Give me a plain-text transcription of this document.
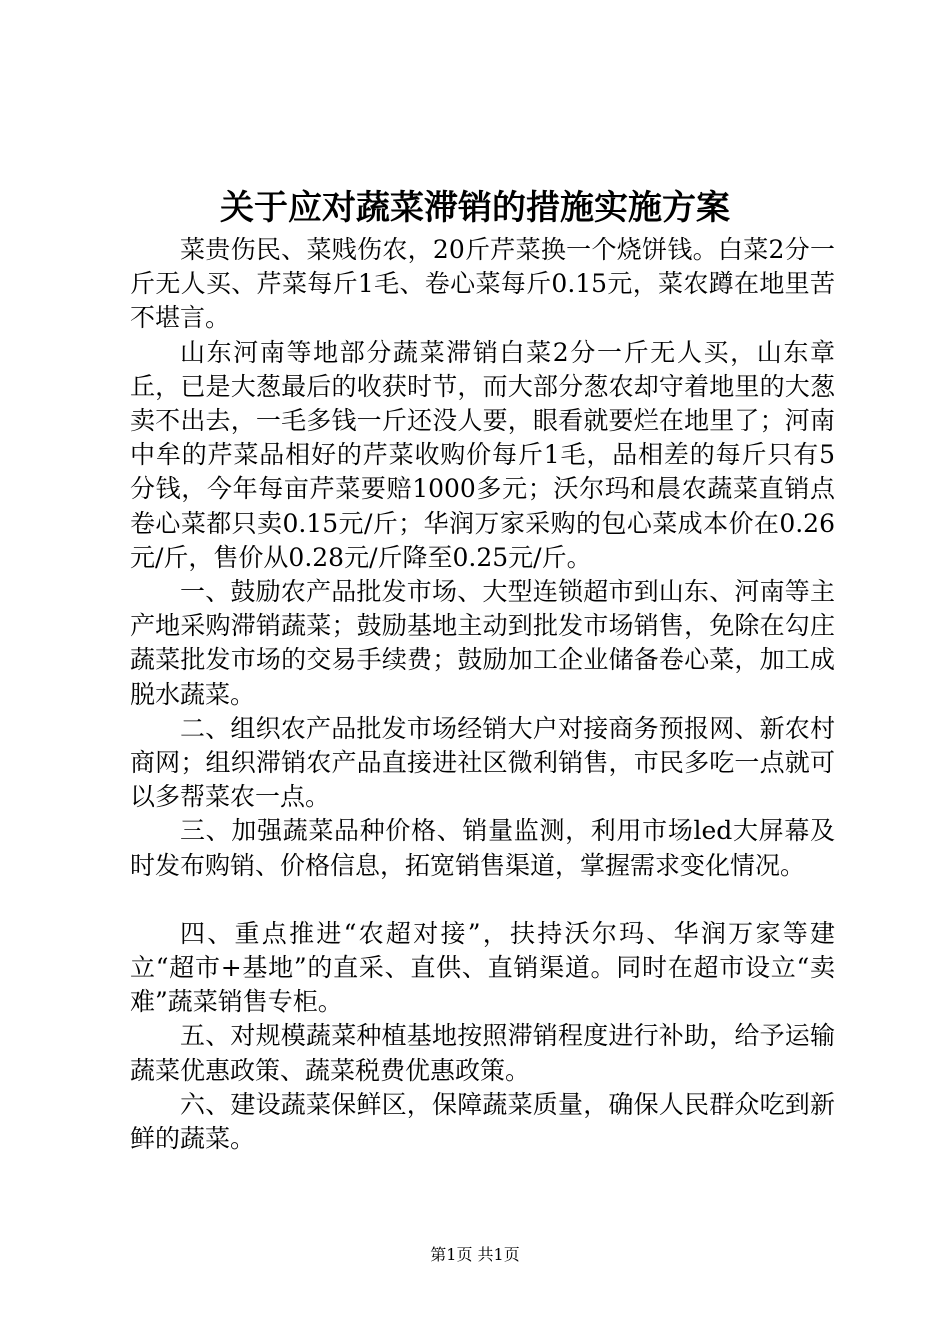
关于应对蔬菜滞销的措施实施方案

菜贵伤民、菜贱伤农，20斤芹菜换一个烧饼钱。白菜2分一斤无人买、芹菜每斤1毛、卷心菜每斤0.15元，菜农蹲在地里苦不堪言。

山东河南等地部分蔬菜滞销白菜2分一斤无人买，山东章丘，已是大葱最后的收获时节，而大部分葱农却守着地里的大葱卖不出去，一毛多钱一斤还没人要，眼看就要烂在地里了；河南中牟的芹菜品相好的芹菜收购价每斤1毛，品相差的每斤只有5分钱，今年每亩芹菜要赔1000多元；沃尔玛和晨农蔬菜直销点卷心菜都只卖0.15元/斤；华润万家采购的包心菜成本价在0.26元/斤，售价从0.28元/斤降至0.25元/斤。

一、鼓励农产品批发市场、大型连锁超市到山东、河南等主产地采购滞销蔬菜；鼓励基地主动到批发市场销售，免除在勾庄蔬菜批发市场的交易手续费；鼓励加工企业储备卷心菜，加工成脱水蔬菜。

二、组织农产品批发市场经销大户对接商务预报网、新农村商网；组织滞销农产品直接进社区微利销售，市民多吃一点就可以多帮菜农一点。

三、加强蔬菜品种价格、销量监测，利用市场led大屏幕及时发布购销、价格信息，拓宽销售渠道，掌握需求变化情况。

四、重点推进“农超对接”，扶持沃尔玛、华润万家等建立“超市+基地”的直采、直供、直销渠道。同时在超市设立“卖难”蔬菜销售专柜。

五、对规模蔬菜种植基地按照滞销程度进行补助，给予运输蔬菜优惠政策、蔬菜税费优惠政策。

六、建设蔬菜保鲜区，保障蔬菜质量，确保人民群众吃到新鲜的蔬菜。

第1页 共1页
